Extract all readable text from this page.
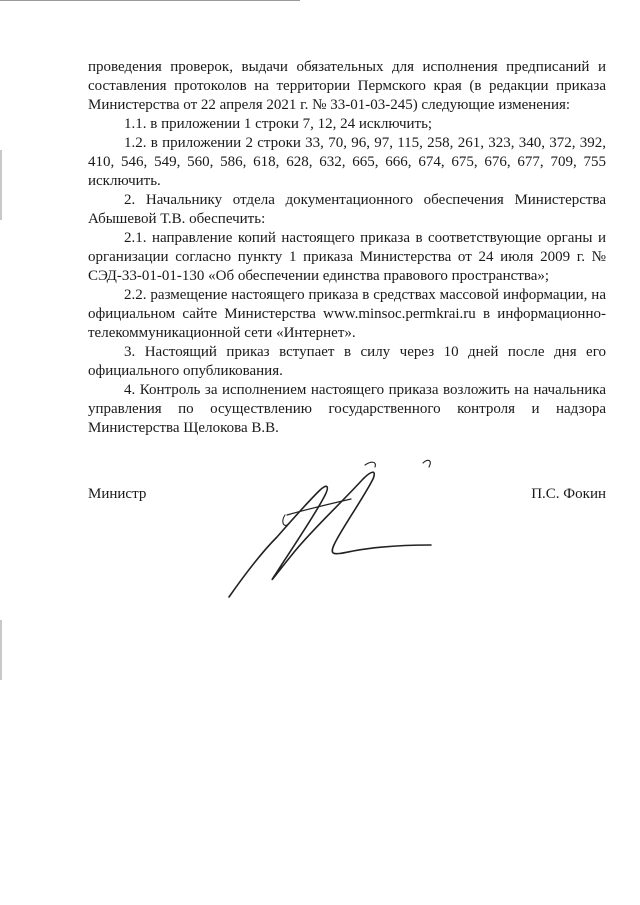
проведения проверок, выдачи обязательных для исполнения предписаний и составления протоколов на территории Пермского края (в редакции приказа Министерства от 22 апреля 2021 г. № 33-01-03-245) следующие изменения:

1.1. в приложении 1 строки 7, 12, 24 исключить;

1.2. в приложении 2 строки 33, 70, 96, 97, 115, 258, 261, 323, 340, 372, 392, 410, 546, 549, 560, 586, 618, 628, 632, 665, 666, 674, 675, 676, 677, 709, 755 исключить.

2. Начальнику отдела документационного обеспечения Министерства Абышевой Т.В. обеспечить:

2.1. направление копий настоящего приказа в соответствующие органы и организации согласно пункту 1 приказа Министерства от 24 июля 2009 г. № СЭД-33-01-01-130 «Об обеспечении единства правового пространства»;

2.2. размещение настоящего приказа в средствах массовой информации, на официальном сайте Министерства www.minsoc.permkrai.ru в информационно-телекоммуникационной сети «Интернет».

3. Настоящий приказ вступает в силу через 10 дней после дня его официального опубликования.

4. Контроль за исполнением настоящего приказа возложить на начальника управления по осуществлению государственного контроля и надзора Министерства Щелокова В.В.

Министр	П.С. Фокин
